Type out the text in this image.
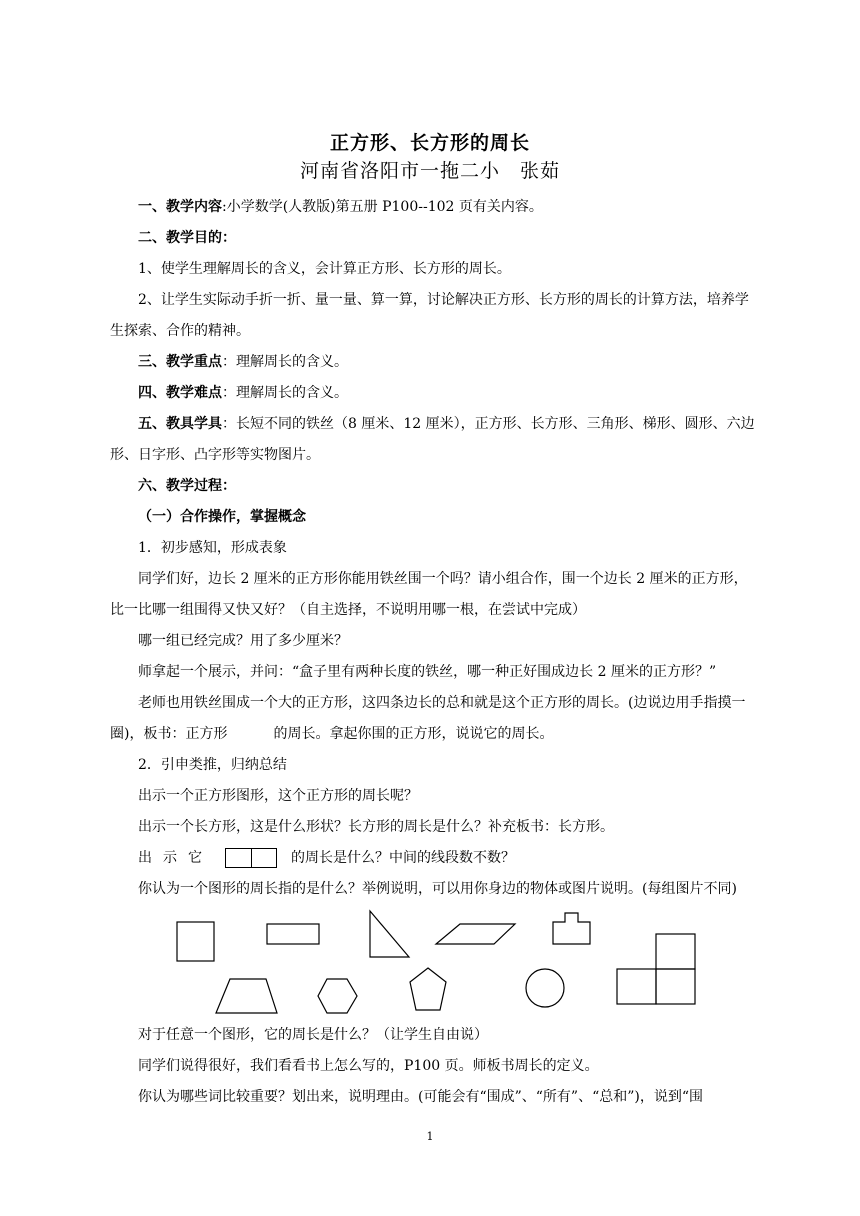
正方形、长方形的周长
河南省洛阳市一拖二小　张茹

一、教学内容:小学数学(人教版)第五册 P100--102 页有关内容。

二、教学目的：

1、使学生理解周长的含义，会计算正方形、长方形的周长。

2、让学生实际动手折一折、量一量、算一算，讨论解决正方形、长方形的周长的计算方法，培养学生探索、合作的精神。

三、教学重点：理解周长的含义。

四、教学难点：理解周长的含义。

五、教具学具：长短不同的铁丝（8 厘米、12 厘米），正方形、长方形、三角形、梯形、圆形、六边形、日字形、凸字形等实物图片。

六、教学过程：

（一）合作操作，掌握概念

1．初步感知，形成表象

同学们好，边长 2 厘米的正方形你能用铁丝围一个吗？请小组合作，围一个边长 2 厘米的正方形，比一比哪一组围得又快又好？（自主选择，不说明用哪一根，在尝试中完成）

哪一组已经完成？用了多少厘米？

师拿起一个展示，并问：“盒子里有两种长度的铁丝，哪一种正好围成边长 2 厘米的正方形？”

老师也用铁丝围成一个大的正方形，这四条边长的总和就是这个正方形的周长。(边说边用手指摸一圈)，板书：正方形	的周长。拿起你围的正方形，说说它的周长。

2．引申类推，归纳总结

出示一个正方形图形，这个正方形的周长呢？

出示一个长方形，这是什么形状？长方形的周长是什么？补充板书：长方形。

出示它	的周长是什么？中间的线段数不数？

你认为一个图形的周长指的是什么？举例说明，可以用你身边的物体或图片说明。(每组图片不同)

对于任意一个图形，它的周长是什么？（让学生自由说）

同学们说得很好，我们看看书上怎么写的，P100 页。师板书周长的定义。

你认为哪些词比较重要？划出来，说明理由。(可能会有“围成”、“所有”、“总和”)，说到“围

1
